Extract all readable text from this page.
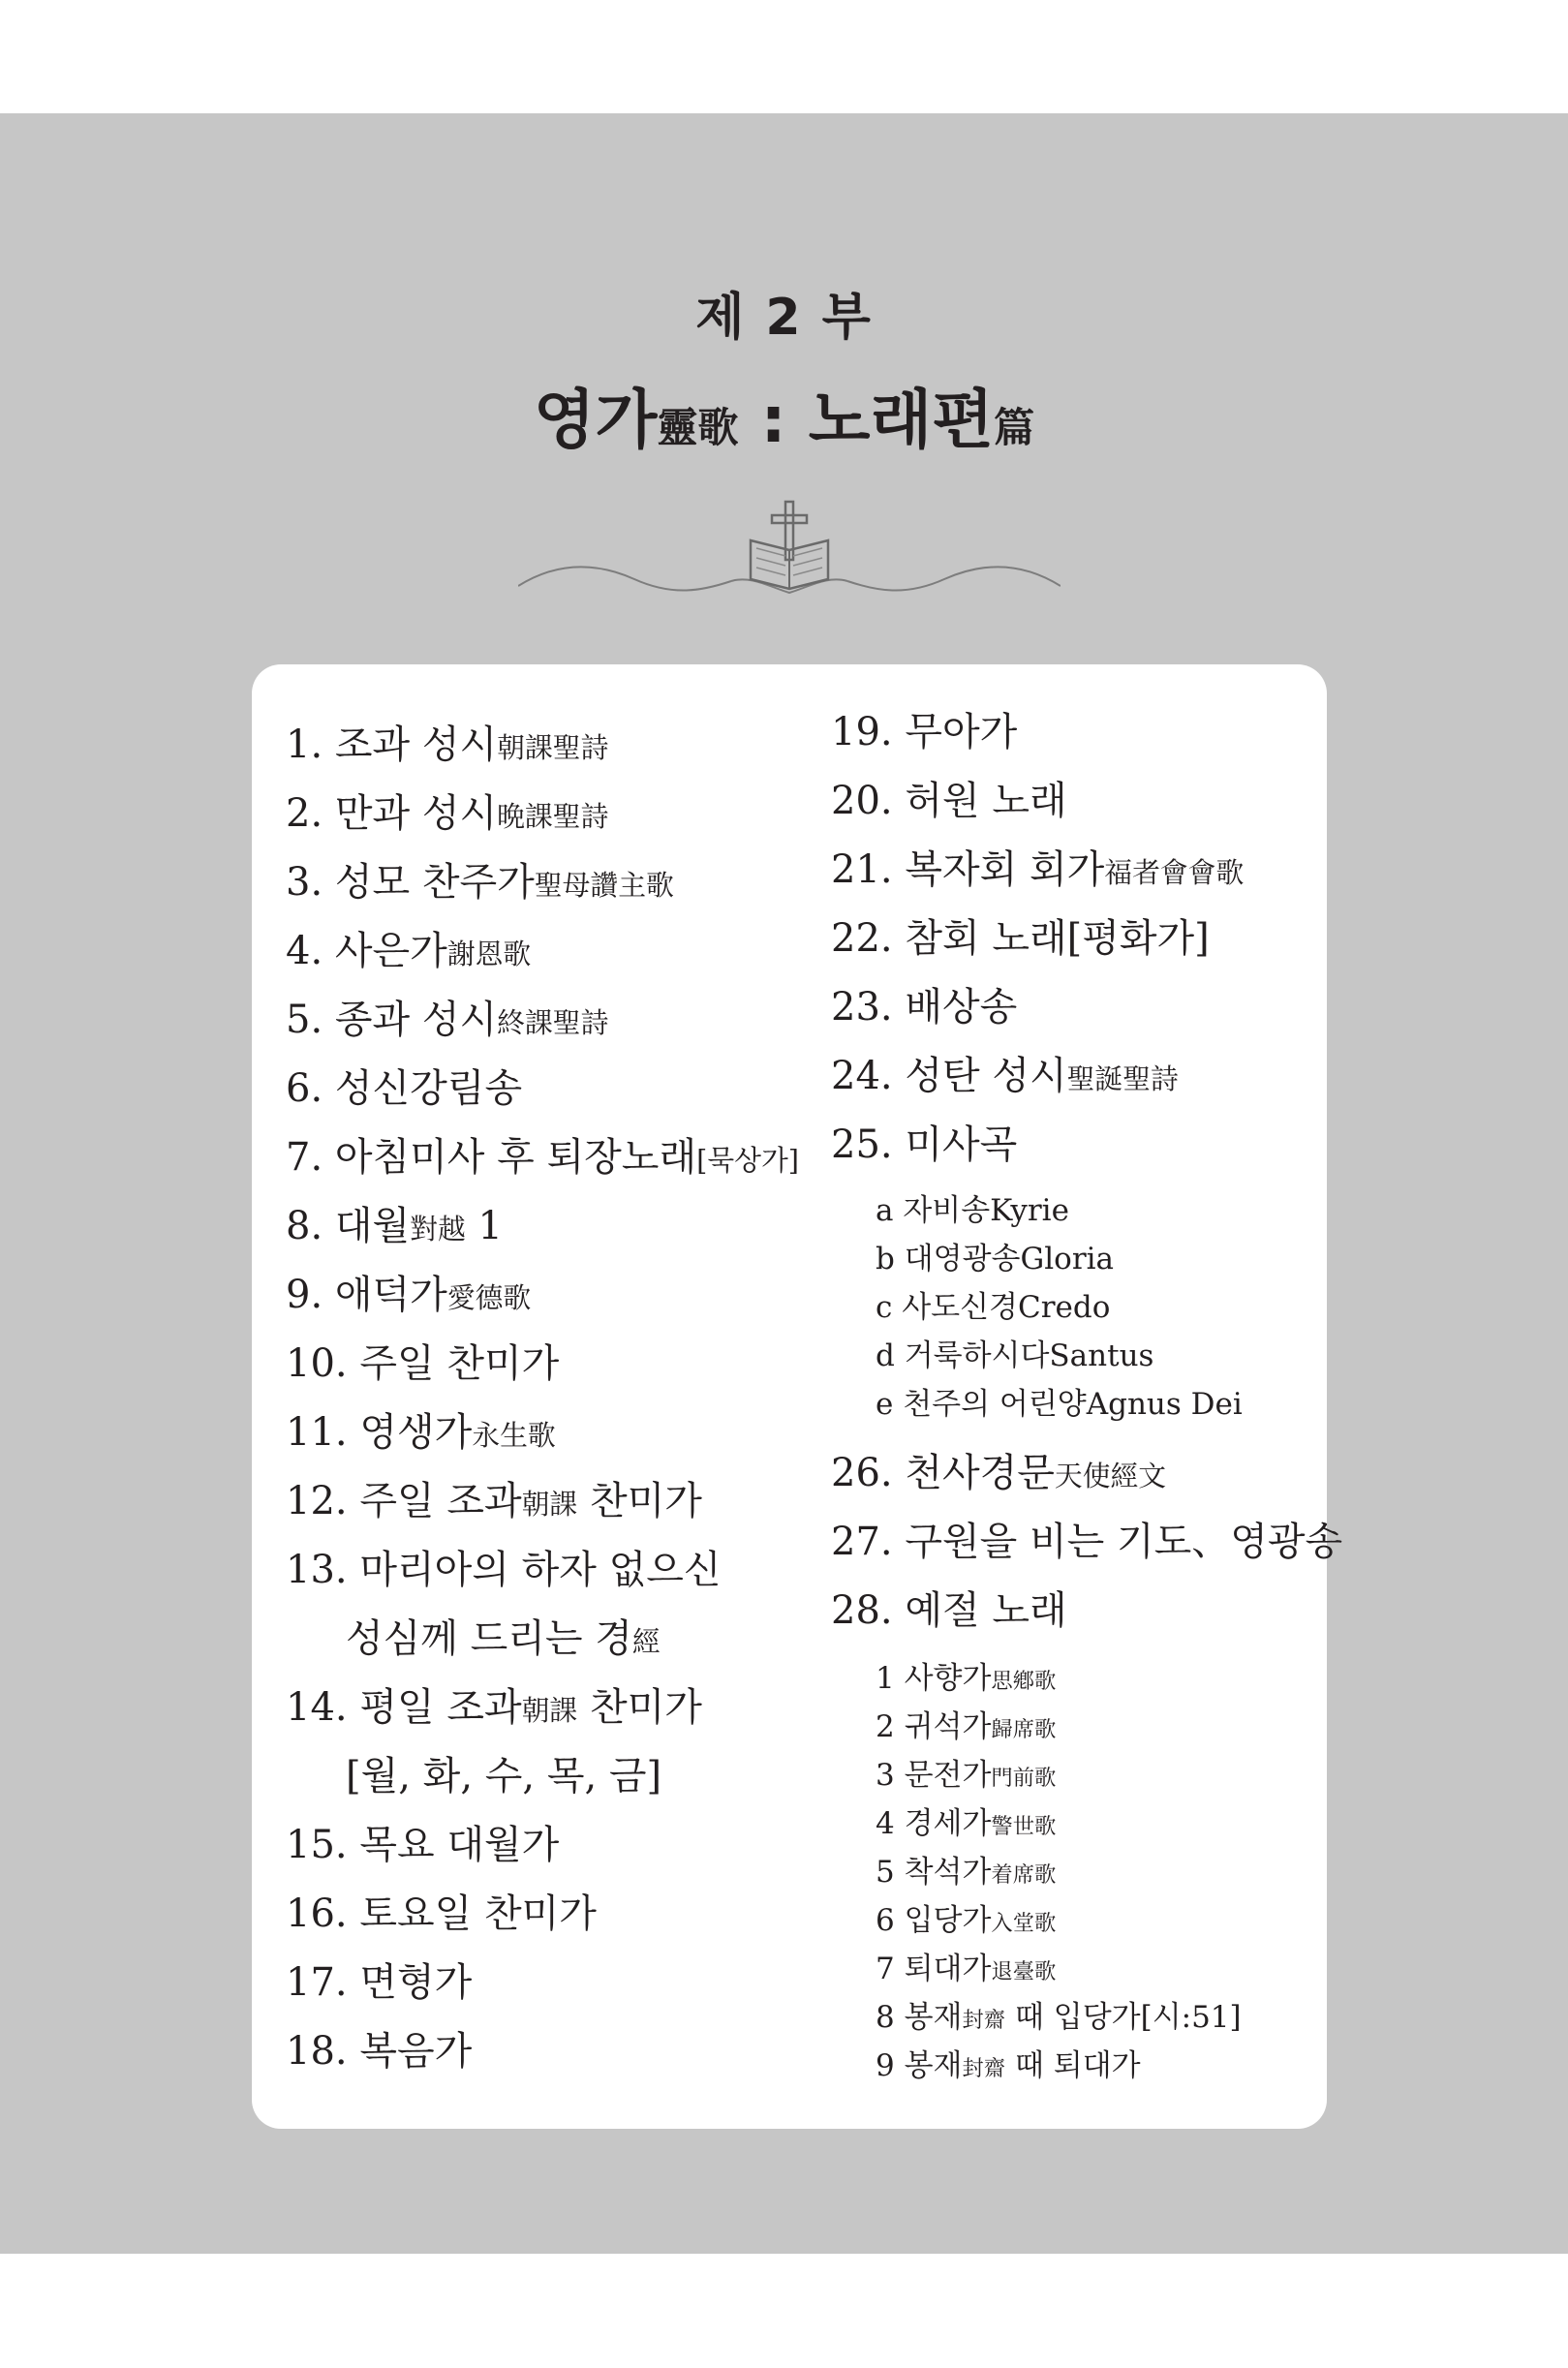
제 2 부
영가靈歌 : 노래편篇
1. 조과 성시朝課聖詩
2. 만과 성시晩課聖詩
3. 성모 찬주가聖母讚主歌
4. 사은가謝恩歌
5. 종과 성시終課聖詩
6. 성신강림송
7. 아침미사 후 퇴장노래[묵상가]
8. 대월對越 1
9. 애덕가愛德歌
10. 주일 찬미가
11. 영생가永生歌
12. 주일 조과朝課 찬미가
13. 마리아의 하자 없으신
성심께 드리는 경經
14. 평일 조과朝課 찬미가
[월, 화, 수, 목, 금]
15. 목요 대월가
16. 토요일 찬미가
17. 면형가
18. 복음가
19. 무아가
20. 허원 노래
21. 복자회 회가福者會會歌
22. 참회 노래[평화가]
23. 배상송
24. 성탄 성시聖誕聖詩
25. 미사곡
a 자비송Kyrie
b 대영광송Gloria
c 사도신경Credo
d 거룩하시다Santus
e 천주의 어린양Agnus Dei
26. 천사경문天使經文
27. 구원을 비는 기도、영광송
28. 예절 노래
1 사향가思鄕歌
2 귀석가歸席歌
3 문전가門前歌
4 경세가警世歌
5 착석가着席歌
6 입당가入堂歌
7 퇴대가退臺歌
8 봉재封齋 때 입당가[시:51]
9 봉재封齋 때 퇴대가
